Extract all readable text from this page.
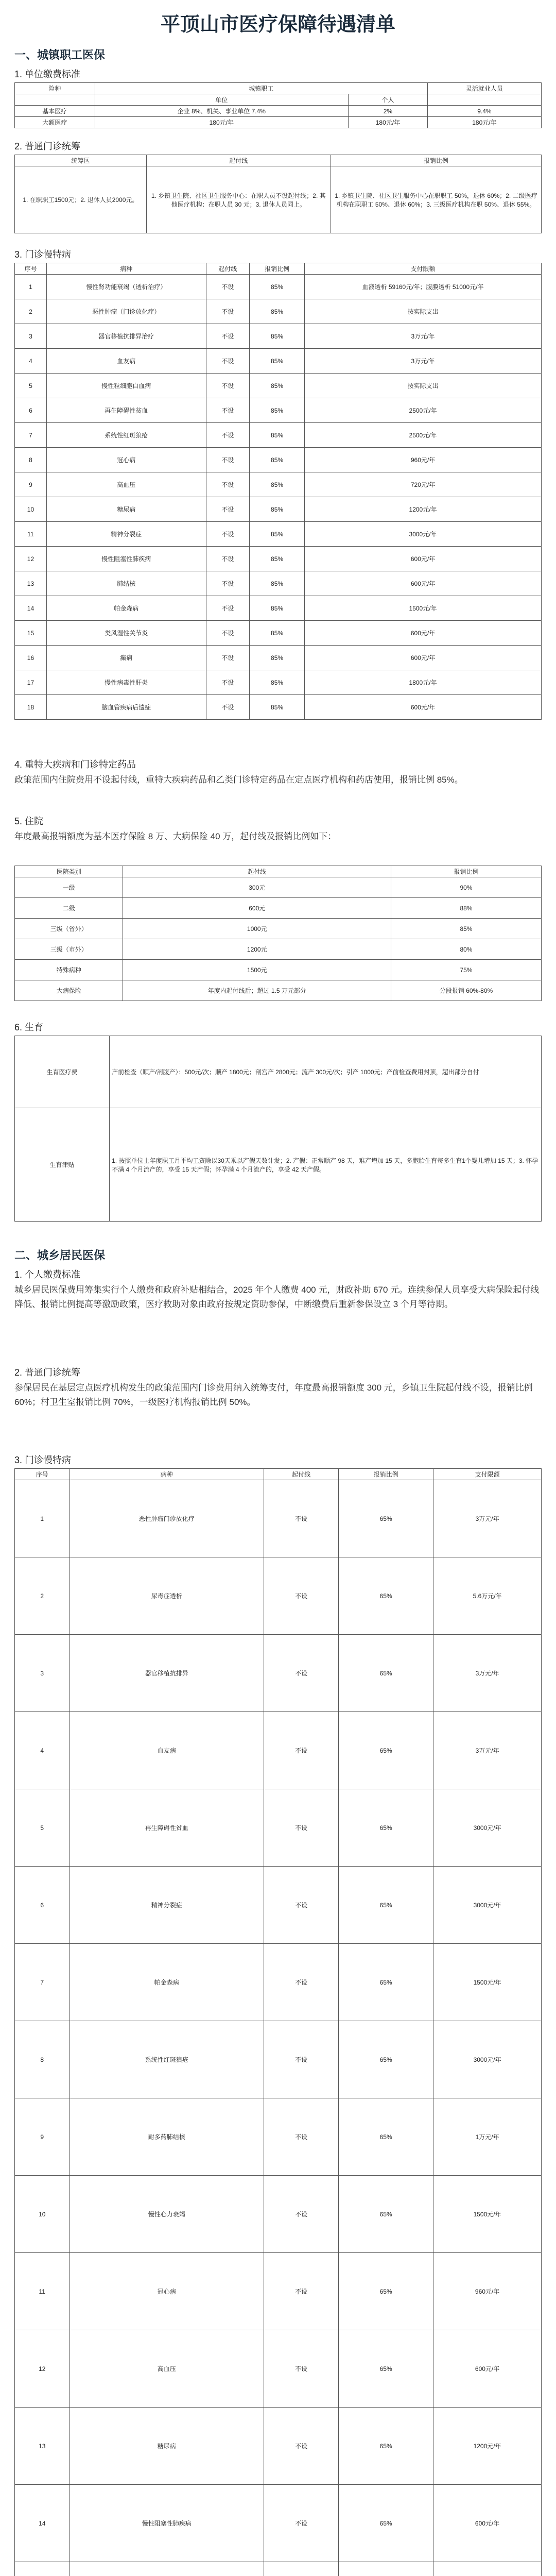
平顶山市医疗保障待遇清单

一、城镇职工医保

1. 单位缴费标准

险种	城镇职工		灵活就业人员
	单位	个人	
基本医疗	企业 8%、机关、事业单位 7.4%	2%	9.4%
大额医疗	180元/年	180元/年	180元/年

2. 普通门诊统筹

统筹区	起付线	报销比例
1. 在职职工1500元；2. 退休人员2000元。	1. 乡镇卫生院、社区卫生服务中心：在职人员不设起付线；2. 其他医疗机构：在职人员 30 元；3. 退休人员同上。	1. 乡镇卫生院、社区卫生服务中心在职职工 50%，退休 60%；2. 二级医疗机构在职职工 50%、退休 60%；3. 三级医疗机构在职 50%、退休 55%。

3. 门诊慢特病

序号	病种	起付线	报销比例	支付限额
1	慢性肾功能衰竭（透析治疗）	不设	85%	血液透析 59160元/年；腹膜透析 51000元/年
2	恶性肿瘤（门诊放化疗）	不设	85%	按实际支出
3	器官移植抗排异治疗	不设	85%	3万元/年
4	血友病	不设	85%	3万元/年
5	慢性粒细胞白血病	不设	85%	按实际支出
6	再生障碍性贫血	不设	85%	2500元/年
7	系统性红斑狼疮	不设	85%	2500元/年
8	冠心病	不设	85%	960元/年
9	高血压	不设	85%	720元/年
10	糖尿病	不设	85%	1200元/年
11	精神分裂症	不设	85%	3000元/年
12	慢性阻塞性肺疾病	不设	85%	600元/年
13	肺结核	不设	85%	600元/年
14	帕金森病	不设	85%	1500元/年
15	类风湿性关节炎	不设	85%	600元/年
16	癫痫	不设	85%	600元/年
17	慢性病毒性肝炎	不设	85%	1800元/年
18	脑血管疾病后遗症	不设	85%	600元/年

4. 重特大疾病和门诊特定药品

政策范围内住院费用不设起付线，重特大疾病药品和乙类门诊特定药品在定点医疗机构和药店使用，报销比例 85%。

5. 住院

年度最高报销额度为基本医疗保险 8 万、大病保险 40 万，起付线及报销比例如下：

医院类别	起付线	报销比例
一级	300元	90%
二级	600元	88%
三级（省外）	1000元	85%
三级（市外）	1200元	80%
特殊病种	1500元	75%
大病保险	年度内起付线后；超过 1.5 万元部分	分段报销 60%-80%

6. 生育

生育医疗费	产前检查（顺产/剖腹产）：500元/次；顺产 1800元；剖宫产 2800元；流产 300元/次；引产 1000元；产前检查费用封顶，超出部分自付
生育津贴	1. 按照单位上年度职工月平均工资除以30天乘以产假天数计发；2. 产假：正常顺产 98 天，难产增加 15 天，多胞胎生育每多生育1个婴儿增加 15 天；3. 怀孕不满 4 个月流产的，享受 15 天产假；怀孕满 4 个月流产的，享受 42 天产假。

二、城乡居民医保

1. 个人缴费标准

城乡居民医保费用筹集实行个人缴费和政府补贴相结合，2025 年个人缴费 400 元，财政补助 670 元。连续参保人员享受大病保险起付线降低、报销比例提高等激励政策，医疗救助对象由政府按规定资助参保，中断缴费后重新参保设立 3 个月等待期。

2. 普通门诊统筹

参保居民在基层定点医疗机构发生的政策范围内门诊费用纳入统筹支付，年度最高报销额度 300 元，乡镇卫生院起付线不设，报销比例 60%；村卫生室报销比例 70%，一级医疗机构报销比例 50%。

3. 门诊慢特病

序号	病种	起付线	报销比例	支付限额
1	恶性肿瘤门诊放化疗	不设	65%	3万元/年
2	尿毒症透析	不设	65%	5.6万元/年
3	器官移植抗排异	不设	65%	3万元/年
4	血友病	不设	65%	3万元/年
5	再生障碍性贫血	不设	65%	3000元/年
6	精神分裂症	不设	65%	3000元/年
7	帕金森病	不设	65%	1500元/年
8	系统性红斑狼疮	不设	65%	3000元/年
9	耐多药肺结核	不设	65%	1万元/年
10	慢性心力衰竭	不设	65%	1500元/年
11	冠心病	不设	65%	960元/年
12	高血压	不设	65%	600元/年
13	糖尿病	不设	65%	1200元/年
14	慢性阻塞性肺疾病	不设	65%	600元/年
